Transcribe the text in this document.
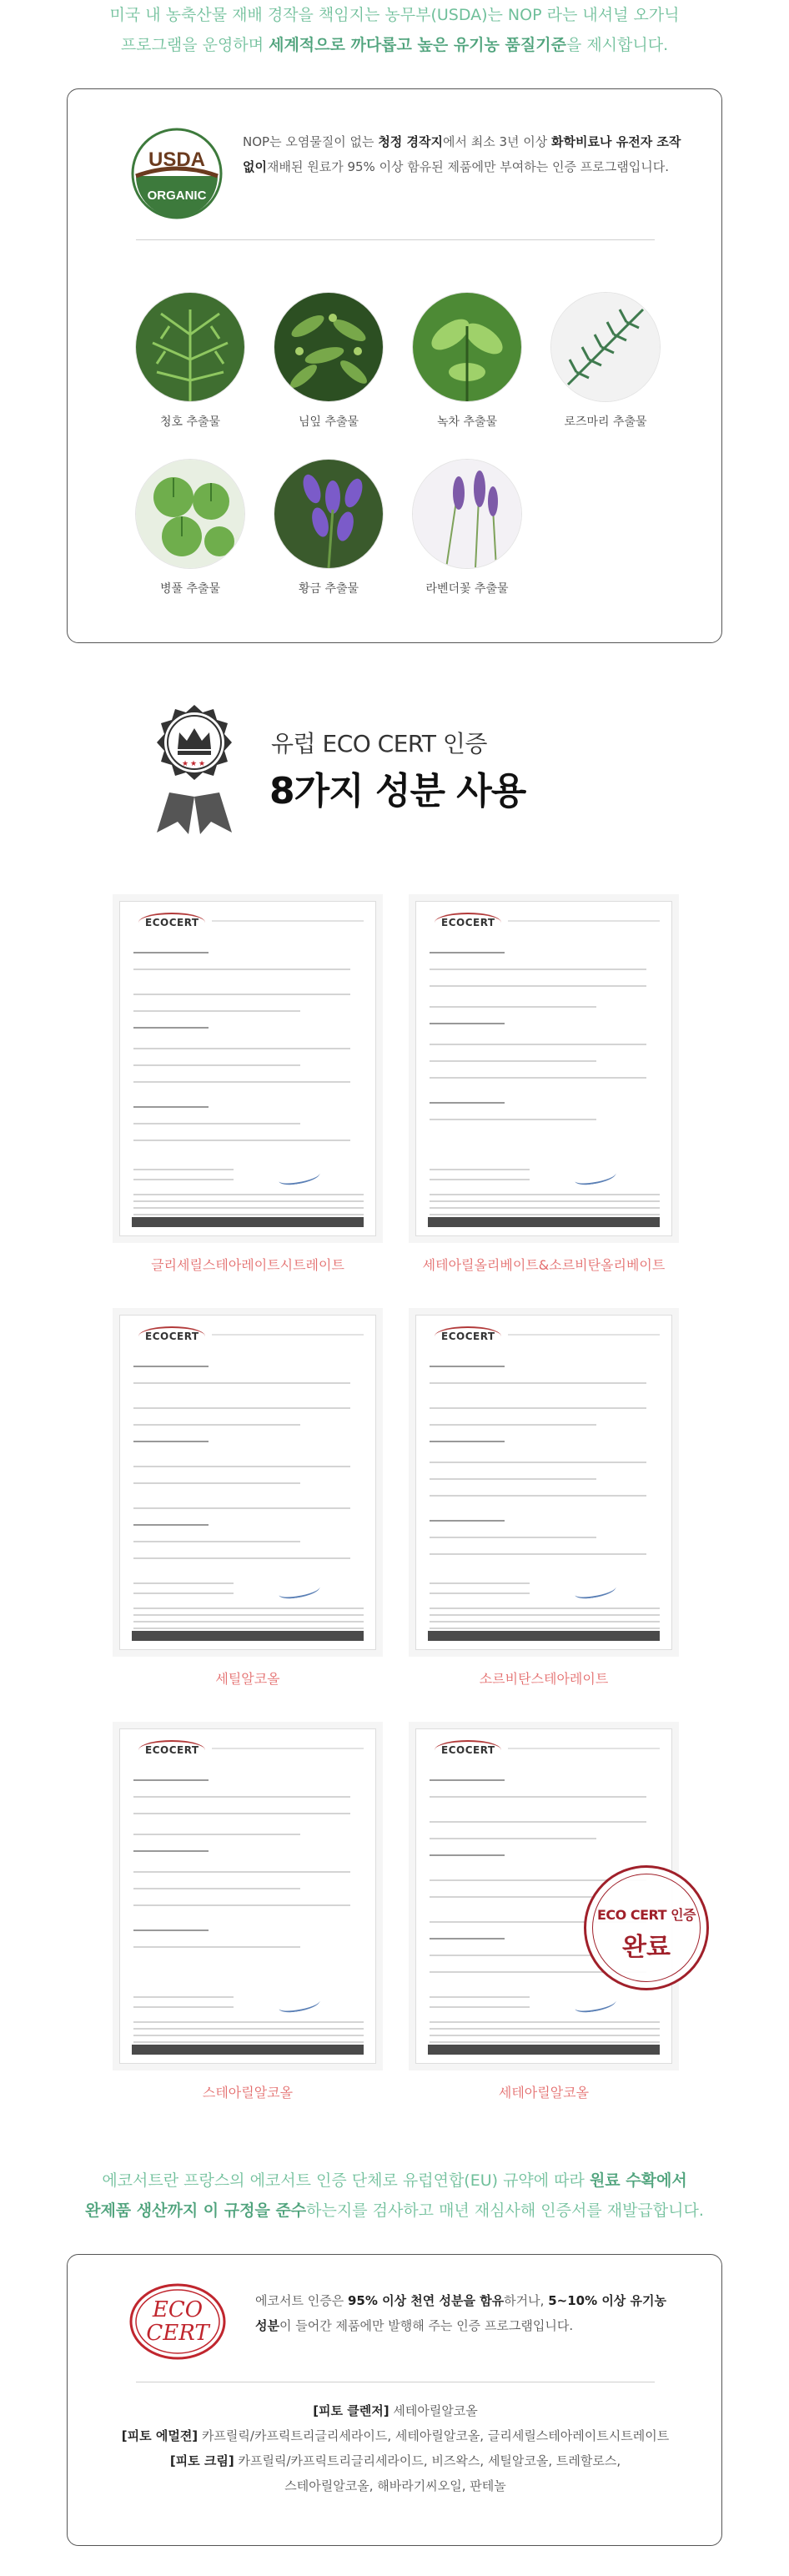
미국 내 농축산물 재배 경작을 책임지는 농무부(USDA)는 NOP 라는 내셔널 오가닉
프로그램을 운영하며 세계적으로 까다롭고 높은 유기농 품질기준을 제시합니다.
USDA
ORGANIC
NOP는 오염물질이 없는 청정 경작지에서 최소 3년 이상 화학비료나 유전자 조작 없이재배된 원료가 95% 이상 함유된 제품에만 부여하는 인증 프로그램입니다.
청호 추출물	님잎 추출물	녹차 추출물	로즈마리 추출물
병풀 추출물	황금 추출물	라벤더꽃 추출물
★ ★ ★
유럽 ECO CERT 인증
8가지 성분 사용
ECOCERT
글리세릴스테아레이트시트레이트
ECOCERT
세테아릴올리베이트&소르비탄올리베이트
ECOCERT
세틸알코올
ECOCERT
소르비탄스테아레이트
ECOCERT
스테아릴알코올
ECOCERT
세테아릴알코올
ECO CERT 인증
완료
에코서트란 프랑스의 에코서트 인증 단체로 유럽연합(EU) 규약에 따라 원료 수확에서
완제품 생산까지 이 규정을 준수하는지를 검사하고 매년 재심사해 인증서를 재발급합니다.
ECO
CERT
에코서트 인증은 95% 이상 천연 성분을 함유하거나, 5~10% 이상 유기농 성분이 들어간 제품에만 발행해 주는 인증 프로그램입니다.
[피토 클렌저] 세테아릴알코올
[피토 에멀젼] 카프릴릭/카프릭트리글리세라이드, 세테아릴알코올, 글리세릴스테아레이트시트레이트
[피토 크림] 카프릴릭/카프릭트리글리세라이드, 비즈왁스, 세틸알코올, 트레할로스,
스테아릴알코올, 해바라기씨오일, 판테놀
